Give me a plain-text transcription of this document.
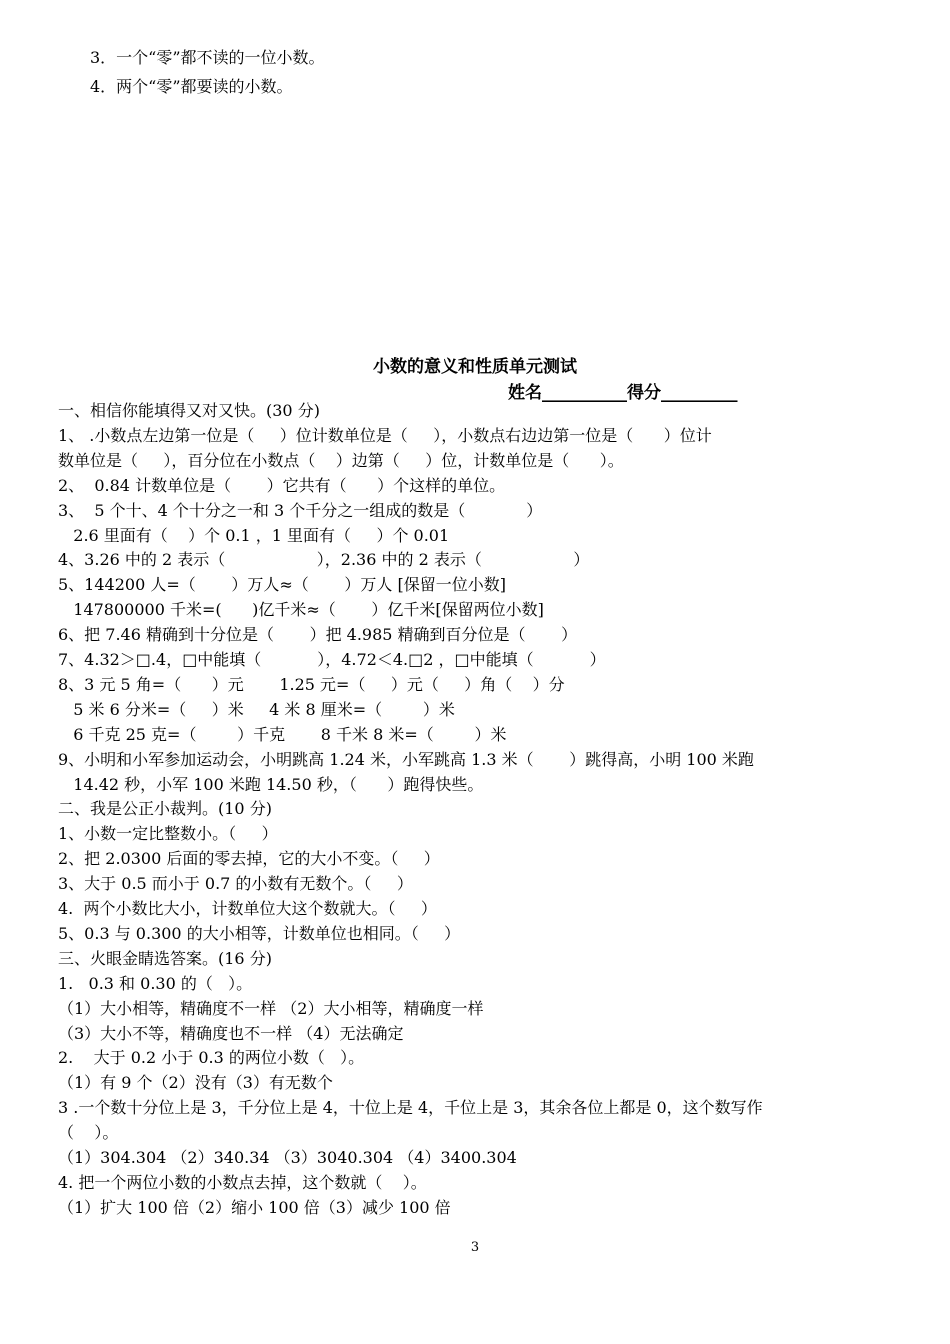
3．一个“零”都不读的一位小数。
4．两个“零”都要读的小数。
小数的意义和性质单元测试
姓名__________得分_________
一、相信你能填得又对又快。(30 分)
1、 .小数点左边第一位是（     ）位计数单位是（     ），小数点右边边第一位是（      ）位计
数单位是（     ），百分位在小数点（    ）边第（     ）位，计数单位是（      ）。
2、  0.84 计数单位是（       ）它共有（      ）个这样的单位。
3、  5 个十、4 个十分之一和 3 个千分之一组成的数是（            ）
2.6 里面有（    ）个 0.1 ，1 里面有（     ）个 0.01
4、3.26 中的 2 表示（                  ），2.36 中的 2 表示（                  ）
5、144200 人=（       ）万人≈（       ）万人 [保留一位小数]
147800000 千米=(      )亿千米≈（       ）亿千米[保留两位小数]
6、把 7.46 精确到十分位是（       ）把 4.985 精确到百分位是（       ）
7、4.32＞□.4，□中能填（           ），4.72＜4.□2 ，□中能填（           ）
8、3 元 5 角=（      ）元       1.25 元=（     ）元（     ）角（    ）分
5 米 6 分米=（     ）米     4 米 8 厘米=（        ）米
6 千克 25 克=（        ）千克       8 千米 8 米=（        ）米
9、小明和小军参加运动会，小明跳高 1.24 米，小军跳高 1.3 米（       ）跳得高，小明 100 米跑
14.42 秒，小军 100 米跑 14.50 秒，（      ）跑得快些。
二、我是公正小裁判。(10 分)
1、小数一定比整数小。（     ）
2、把 2.0300 后面的零去掉，它的大小不变。（     ）
3、大于 0.5 而小于 0.7 的小数有无数个。（     ）
4.  两个小数比大小，计数单位大这个数就大。（     ）
5、0.3 与 0.300 的大小相等，计数单位也相同。（     ）
三、火眼金睛选答案。(16 分)
1.   0.3 和 0.30 的（   ）。
（1）大小相等，精确度不一样 （2）大小相等，精确度一样
（3）大小不等，精确度也不一样 （4）无法确定
2.    大于 0.2 小于 0.3 的两位小数（   ）。
（1）有 9 个（2）没有（3）有无数个
3 .一个数十分位上是 3，千分位上是 4，十位上是 4，千位上是 3，其余各位上都是 0，这个数写作
（    ）。
（1）304.304 （2）340.34 （3）3040.304 （4）3400.304
4. 把一个两位小数的小数点去掉，这个数就（    ）。
（1）扩大 100 倍（2）缩小 100 倍（3）减少 100 倍
3
